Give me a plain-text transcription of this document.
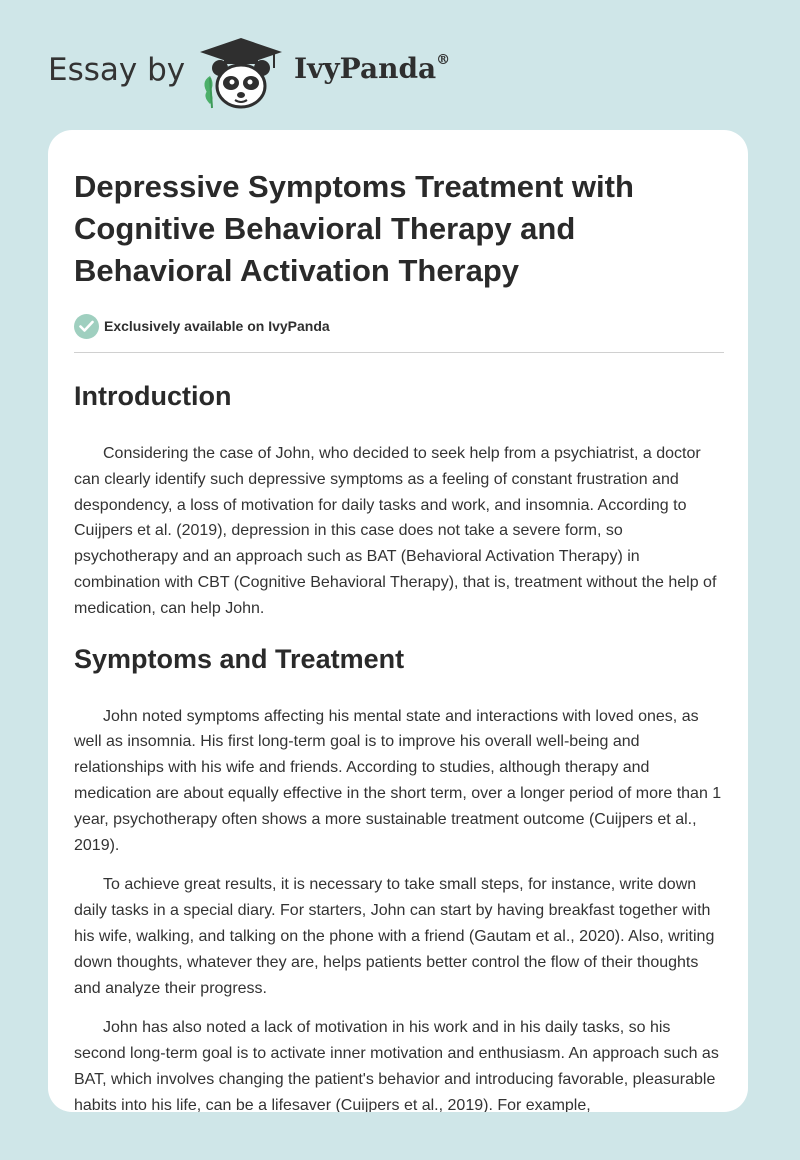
Essay by	IvyPanda®
Depressive Symptoms Treatment with Cognitive Behavioral Therapy and Behavioral Activation Therapy
Exclusively available on IvyPanda
Introduction

Considering the case of John, who decided to seek help from a psychiatrist, a doctor can clearly identify such depressive symptoms as a feeling of constant frustration and despondency, a loss of motivation for daily tasks and work, and insomnia. According to Cuijpers et al. (2019), depression in this case does not take a severe form, so psychotherapy and an approach such as BAT (Behavioral Activation Therapy) in combination with CBT (Cognitive Behavioral Therapy), that is, treatment without the help of medication, can help John.

Symptoms and Treatment

John noted symptoms affecting his mental state and interactions with loved ones, as well as insomnia. His first long-term goal is to improve his overall well-being and relationships with his wife and friends. According to studies, although therapy and medication are about equally effective in the short term, over a longer period of more than 1 year, psychotherapy often shows a more sustainable treatment outcome (Cuijpers et al., 2019).

To achieve great results, it is necessary to take small steps, for instance, write down daily tasks in a special diary. For starters, John can start by having breakfast together with his wife, walking, and talking on the phone with a friend (Gautam et al., 2020). Also, writing down thoughts, whatever they are, helps patients better control the flow of their thoughts and analyze their progress.

John has also noted a lack of motivation in his work and in his daily tasks, so his second long-term goal is to activate inner motivation and enthusiasm. An approach such as BAT, which involves changing the patient's behavior and introducing favorable, pleasurable habits into his life, can be a lifesaver (Cuijpers et al., 2019). For example,
